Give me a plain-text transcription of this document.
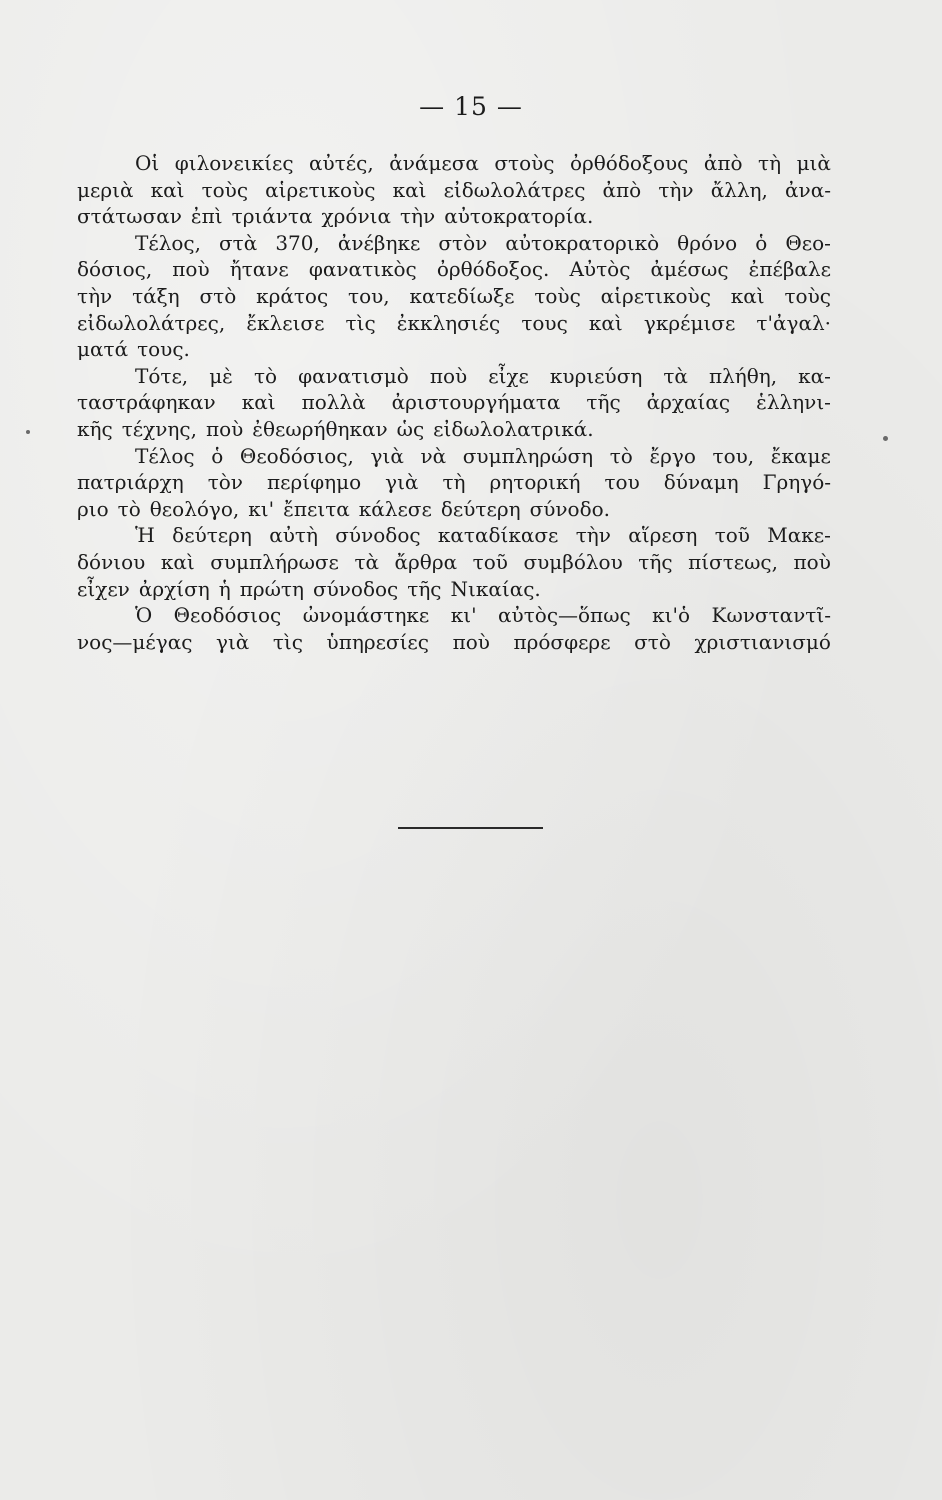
— 15 —
Οἱ φιλονεικίες αὐτές, ἀνάμεσα στοὺς ὀρθόδοξους ἀπὸ τὴ μιὰ
μεριὰ καὶ τοὺς αἱρετικοὺς καὶ εἰδωλολάτρες ἀπὸ τὴν ἄλλη, ἀνα-
στάτωσαν ἐπὶ τριάντα χρόνια τὴν αὐτοκρατορία.
Τέλος, στὰ 370, ἀνέβηκε στὸν αὐτοκρατορικὸ θρόνο ὁ Θεο-
δόσιος, ποὺ ἤτανε φανατικὸς ὀρθόδοξος. Αὐτὸς ἀμέσως ἐπέβαλε
τὴν τάξη στὸ κράτος του, κατεδίωξε τοὺς αἱρετικοὺς καὶ τοὺς
εἰδωλολάτρες, ἔκλεισε τὶς ἐκκλησιές τους καὶ γκρέμισε τ'ἀγαλ·
ματά τους.
Τότε, μὲ τὸ φανατισμὸ ποὺ εἶχε κυριεύση τὰ πλήθη, κα-
ταστράφηκαν καὶ πολλὰ ἀριστουργήματα τῆς ἀρχαίας ἑλληνι-
κῆς τέχνης, ποὺ ἐθεωρήθηκαν ὡς εἰδωλολατρικά.
Τέλος ὁ Θεοδόσιος, γιὰ νὰ συμπληρώση τὸ ἔργο του, ἔκαμε
πατριάρχη τὸν περίφημο γιὰ τὴ ρητορική του δύναμη Γρηγό-
ριο τὸ θεολόγο, κι' ἔπειτα κάλεσε δεύτερη σύνοδο.
Ἡ δεύτερη αὐτὴ σύνοδος καταδίκασε τὴν αἵρεση τοῦ Μακε-
δόνιου καὶ συμπλήρωσε τὰ ἄρθρα τοῦ συμβόλου τῆς πίστεως, ποὺ
εἶχεν ἀρχίση ἡ πρώτη σύνοδος τῆς Νικαίας.
Ὁ Θεοδόσιος ὠνομάστηκε κι' αὐτὸς—ὅπως κι'ὁ Κωνσταντῖ-
νος—μέγας γιὰ τὶς ὑπηρεσίες ποὺ πρόσφερε στὸ χριστιανισμό
